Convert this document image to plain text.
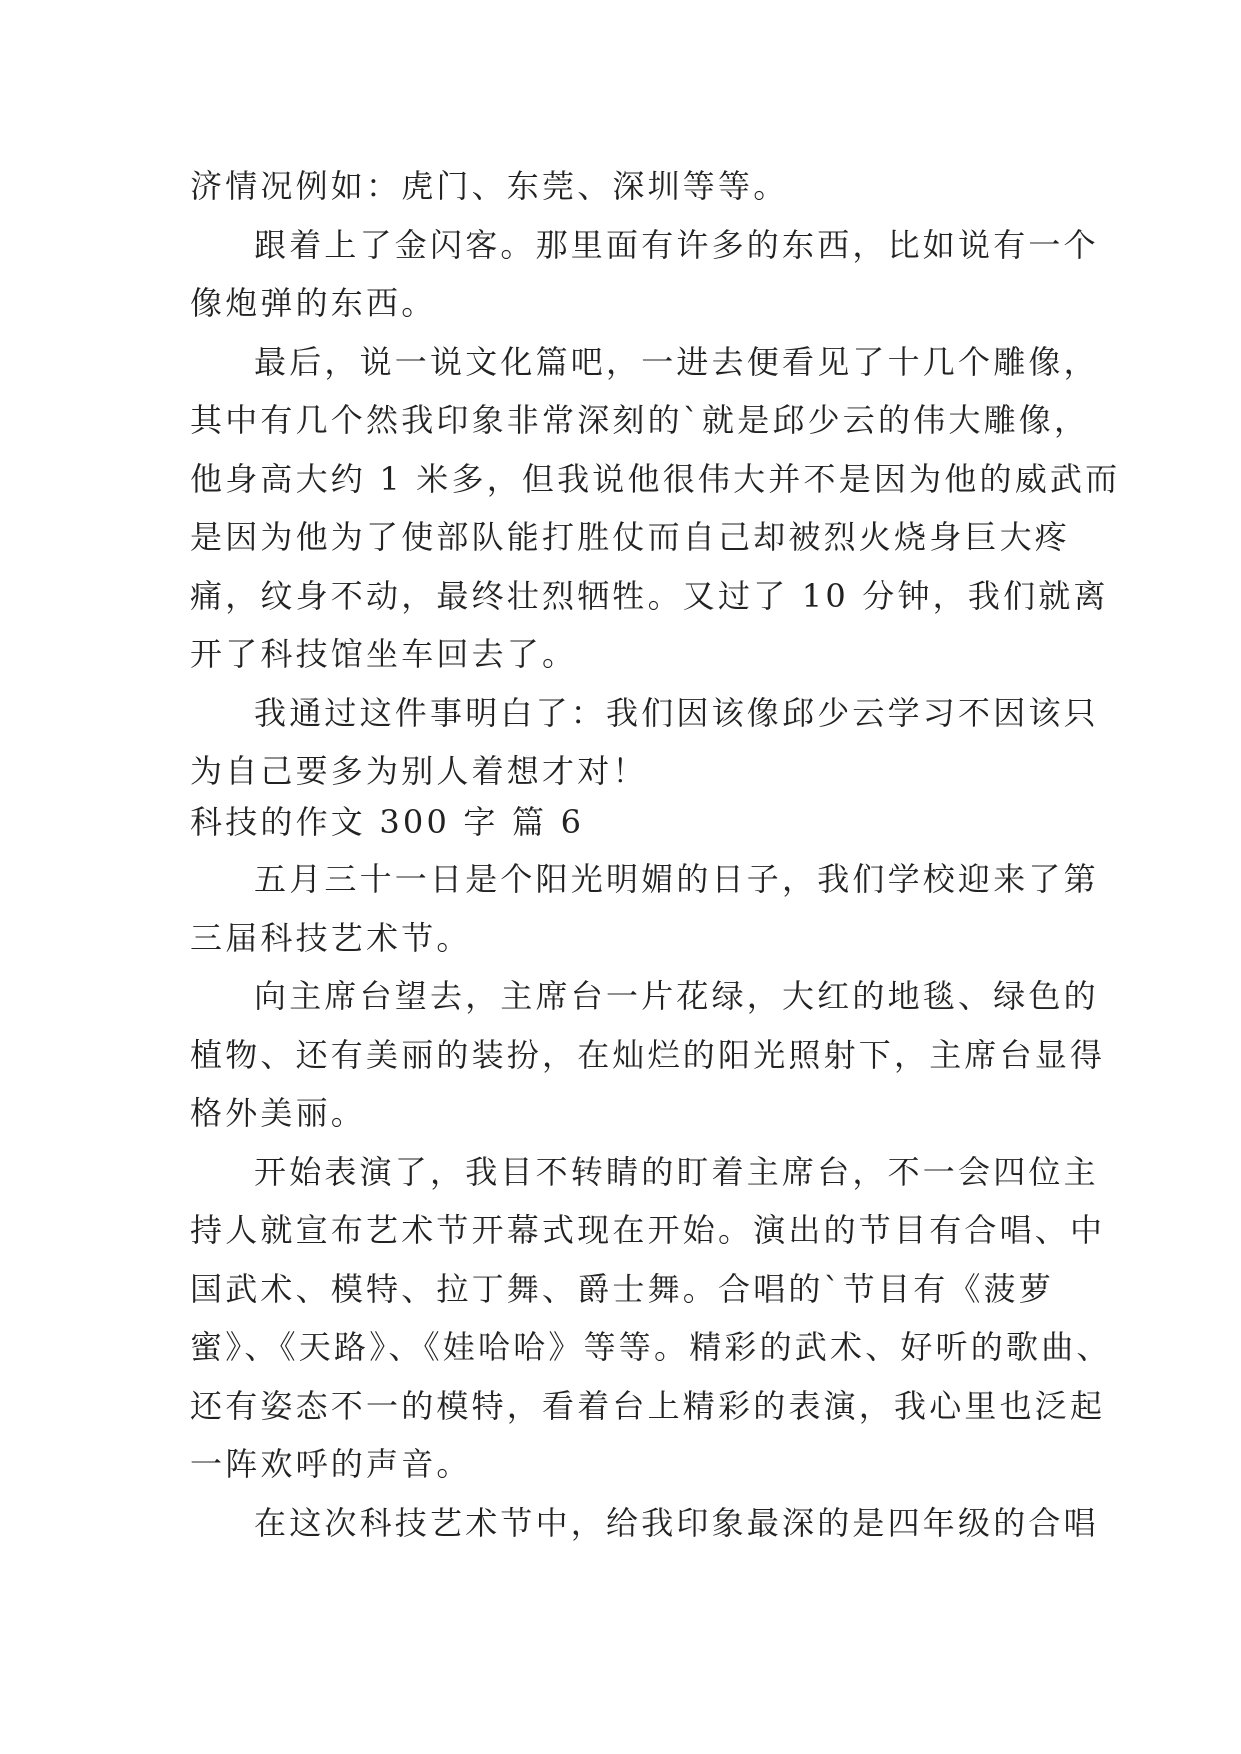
济情况例如：虎门、东莞、深圳等等。
跟着上了金闪客。那里面有许多的东西，比如说有一个
像炮弹的东西。
最后，说一说文化篇吧，一进去便看见了十几个雕像，
其中有几个然我印象非常深刻的`就是邱少云的伟大雕像，
他身高大约 1 米多，但我说他很伟大并不是因为他的威武而
是因为他为了使部队能打胜仗而自己却被烈火烧身巨大疼
痛，纹身不动，最终壮烈牺牲。又过了 10 分钟，我们就离
开了科技馆坐车回去了。
我通过这件事明白了：我们因该像邱少云学习不因该只
为自己要多为别人着想才对！
科技的作文 300 字 篇 6
五月三十一日是个阳光明媚的日子，我们学校迎来了第
三届科技艺术节。
向主席台望去，主席台一片花绿，大红的地毯、绿色的
植物、还有美丽的装扮，在灿烂的阳光照射下，主席台显得
格外美丽。
开始表演了，我目不转睛的盯着主席台，不一会四位主
持人就宣布艺术节开幕式现在开始。演出的节目有合唱、中
国武术、模特、拉丁舞、爵士舞。合唱的`节目有《菠萝
蜜》、《天路》、《娃哈哈》等等。精彩的武术、好听的歌曲、
还有姿态不一的模特，看着台上精彩的表演，我心里也泛起
一阵欢呼的声音。
在这次科技艺术节中，给我印象最深的是四年级的合唱
